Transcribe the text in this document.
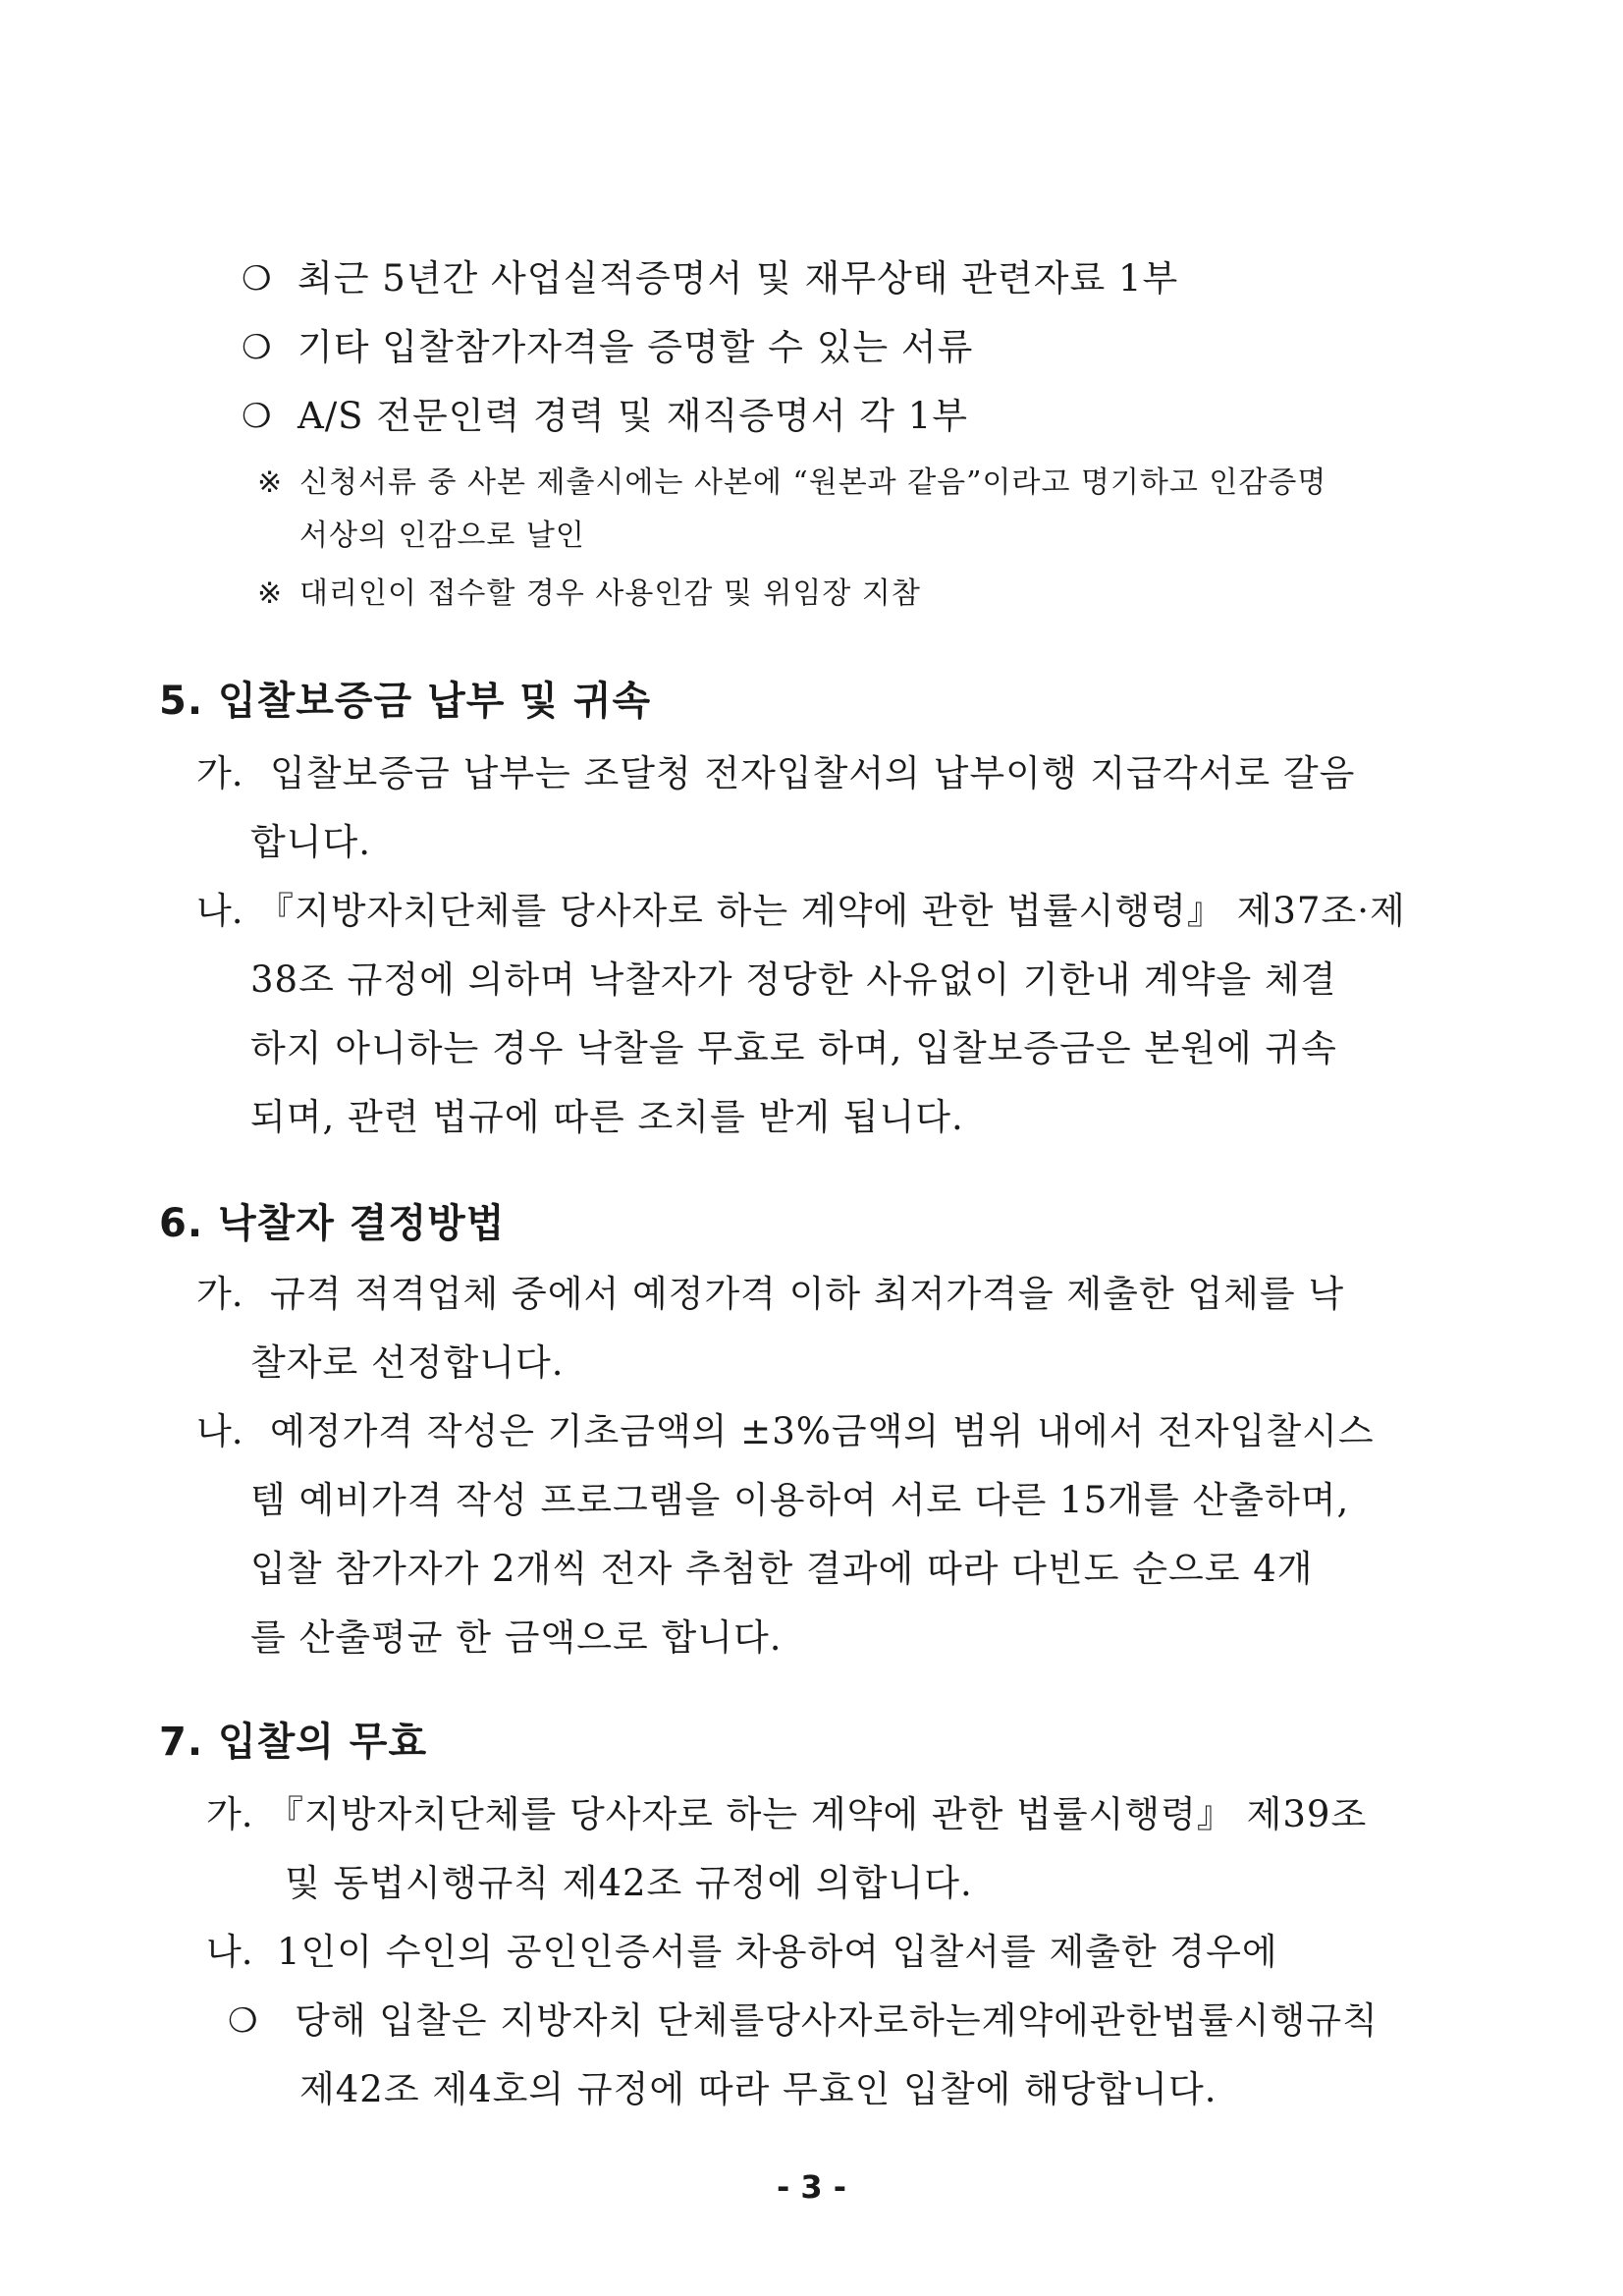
❍ 최근 5년간 사업실적증명서 및 재무상태 관련자료 1부
❍ 기타 입찰참가자격을 증명할 수 있는 서류
❍ A/S 전문인력 경력 및 재직증명서 각 1부
※ 신청서류 중 사본 제출시에는 사본에 “원본과 같음”이라고 명기하고 인감증명
서상의 인감으로 날인
※ 대리인이 접수할 경우 사용인감 및 위임장 지참
5. 입찰보증금 납부 및 귀속
가. 입찰보증금 납부는 조달청 전자입찰서의 납부이행 지급각서로 갈음
합니다.
나. 『지방자치단체를 당사자로 하는 계약에 관한 법률시행령』 제37조·제
38조 규정에 의하며 낙찰자가 정당한 사유없이 기한내 계약을 체결
하지 아니하는 경우 낙찰을 무효로 하며, 입찰보증금은 본원에 귀속
되며, 관련 법규에 따른 조치를 받게 됩니다.
6. 낙찰자 결정방법
가. 규격 적격업체 중에서 예정가격 이하 최저가격을 제출한 업체를 낙
찰자로 선정합니다.
나. 예정가격 작성은 기초금액의 ±3%금액의 범위 내에서 전자입찰시스
템 예비가격 작성 프로그램을 이용하여 서로 다른 15개를 산출하며,
입찰 참가자가 2개씩 전자 추첨한 결과에 따라 다빈도 순으로 4개
를 산출평균 한 금액으로 합니다.
7. 입찰의 무효
가. 『지방자치단체를 당사자로 하는 계약에 관한 법률시행령』 제39조
및 동법시행규칙 제42조 규정에 의합니다.
나. 1인이 수인의 공인인증서를 차용하여 입찰서를 제출한 경우에
❍ 당해 입찰은 지방자치 단체를당사자로하는계약에관한법률시행규칙
제42조 제4호의 규정에 따라 무효인 입찰에 해당합니다.
- 3 -
